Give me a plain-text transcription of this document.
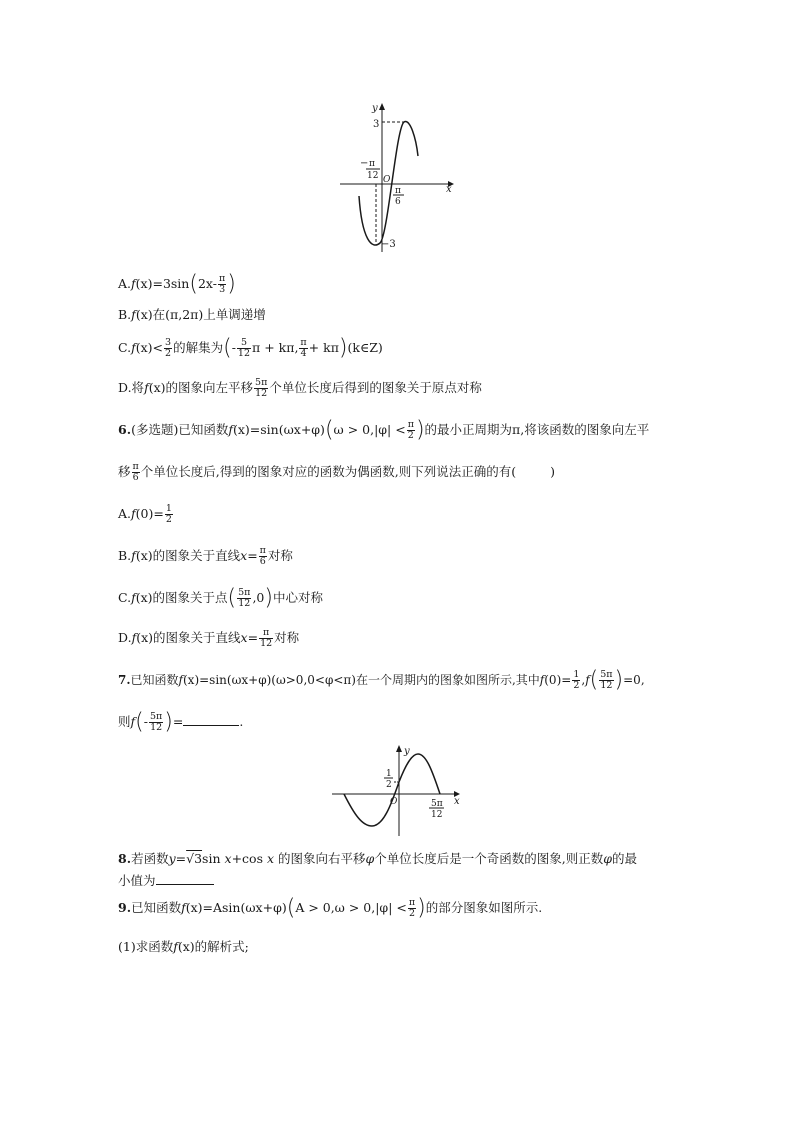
y
x
3
O
−3
− π
12
π
6
$A.f(x)=3\sin(2x- \frac{\pi}{3}$ )
B.f(x)在(π,2π)上单调递增
$C.f(x)< \frac{3}{2}$ 的解集为(- $\frac{5}{12}$ π + kπ, $\frac{\pi}{4}$ + kπ)(k∈Z)
D.将f(x)的图象向左平移 $\frac{5\pi}{12}$ 个单位长度后得到的图象关于原点对称
6.(多选题)已知函数$f(x)=\sin(\omega x+\varphi)(\omega > 0,|\varphi| < \frac{\pi}{2}$ )的最小正周期为π,将该函数的图象向左平
移 $\frac{\pi}{6}$ 个单位长度后,得到的图象对应的函数为偶函数,则下列说法正确的有(	)
$A.f(0)= \frac{1}{2}$
B.f(x)的图象关于直线$x= \frac{\pi}{6}$ 对称
C.f(x)的图象关于点( $\frac{5\pi}{12} ,0$)中心对称
D.f(x)的图象关于直线$x= \frac{\pi}{12}$ 对称
7.已知函数f(x)=sin(ωx+φ)(ω>0,0<φ<π)在一个周期内的图象如图所示,其中$f(0)= \frac{1}{2} ,f( \frac{5\pi}{12} )=0$,
则$f(- \frac{5\pi}{12}$ )=	.
y
x
O
1
2
5π
12
8.若函数y=√3sin x+cos x 的图象向右平移φ个单位长度后是一个奇函数的图象,则正数φ的最
小值为
9.已知函数$f(x)=Asin(\omega x+\varphi)(A > 0,\omega > 0,|\varphi| < \frac{\pi}{2}$ )的部分图象如图所示.
(1)求函数f(x)的解析式;
